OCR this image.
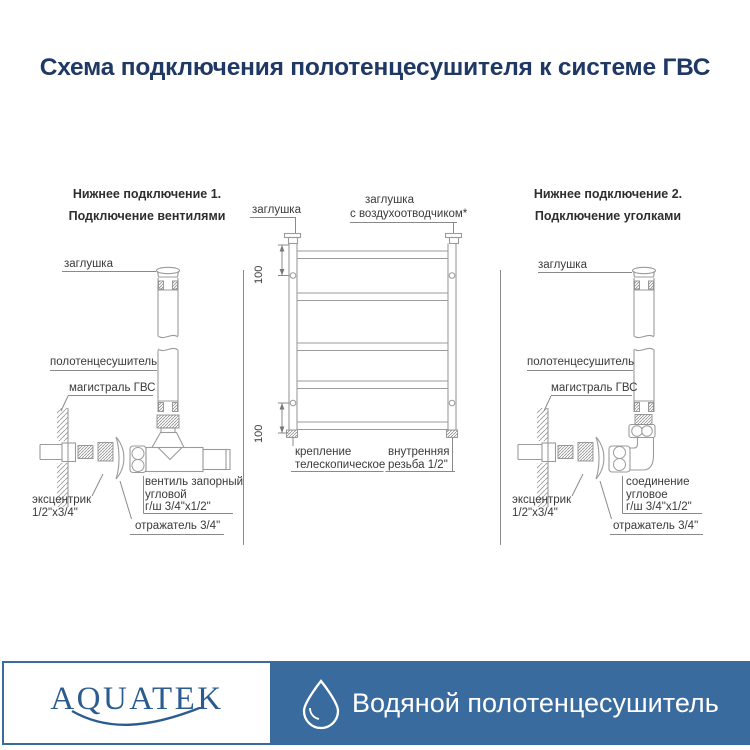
Схема подключения полотенцесушителя к системе ГВС
Нижнее подключение 1.
Подключение вентилями
заглушка
полотенцесушитель
магистраль ГВС
эксцентрик
1/2"x3/4"
вентиль запорный
угловой
г/ш 3/4"x1/2"
отражатель 3/4"
заглушка
заглушка
с воздухоотводчиком*
100
100
крепление
телескопическое
внутренняя
резьба 1/2"
Нижнее подключение 2.
Подключение уголками
заглушка
полотенцесушитель
магистраль ГВС
эксцентрик
1/2"x3/4"
соединение
угловое
г/ш 3/4"x1/2"
отражатель 3/4"
AQUATEK	Водяной полотенцесушитель
